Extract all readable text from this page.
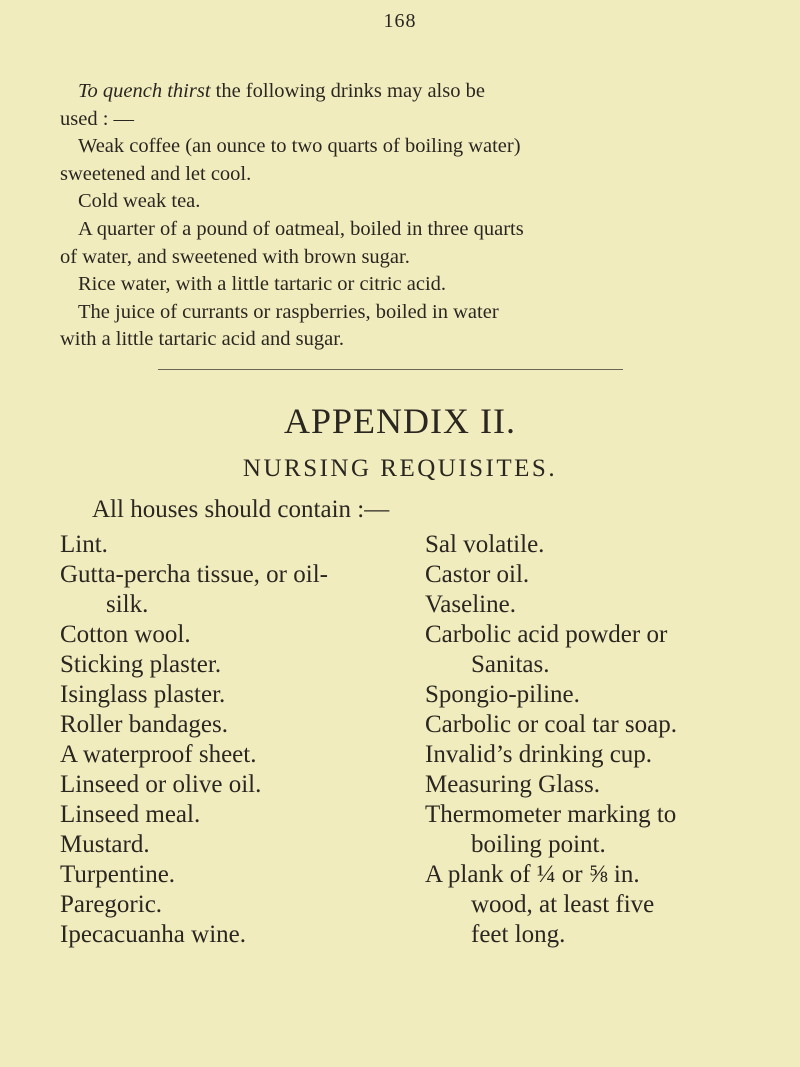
168

To quench thirst the following drinks may also be

used : —

Weak coffee (an ounce to two quarts of boiling water)

sweetened and let cool.

Cold weak tea.

A quarter of a pound of oatmeal, boiled in three quarts

of water, and sweetened with brown sugar.

Rice water, with a little tartaric or citric acid.

The juice of currants or raspberries, boiled in water

with a little tartaric acid and sugar.

APPENDIX II.
NURSING REQUISITES.
All houses should contain :—
Lint.
Gutta-percha tissue, or oil-
silk.
Cotton wool.
Sticking plaster.
Isinglass plaster.
Roller bandages.
A waterproof sheet.
Linseed or olive oil.
Linseed meal.
Mustard.
Turpentine.
Paregoric.
Ipecacuanha wine.
Sal volatile.
Castor oil.
Vaseline.
Carbolic acid powder or
Sanitas.
Spongio-piline.
Carbolic or coal tar soap.
Invalid’s drinking cup.
Measuring Glass.
Thermometer marking to
boiling point.
A plank of ¼ or ⅝ in.
wood, at least five
feet long.
